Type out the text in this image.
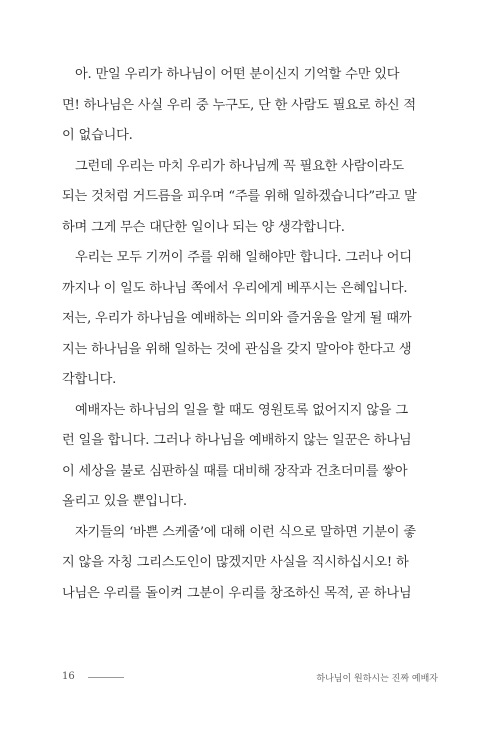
아. 만일 우리가 하나님이 어떤 분이신지 기억할 수만 있다
면! 하나님은 사실 우리 중 누구도, 단 한 사람도 필요로 하신 적
이 없습니다.
그런데 우리는 마치 우리가 하나님께 꼭 필요한 사람이라도
되는 것처럼 거드름을 피우며 “주를 위해 일하겠습니다”라고 말
하며 그게 무슨 대단한 일이나 되는 양 생각합니다.
우리는 모두 기꺼이 주를 위해 일해야만 합니다. 그러나 어디
까지나 이 일도 하나님 쪽에서 우리에게 베푸시는 은혜입니다.
저는, 우리가 하나님을 예배하는 의미와 즐거움을 알게 될 때까
지는 하나님을 위해 일하는 것에 관심을 갖지 말아야 한다고 생
각합니다.
예배자는 하나님의 일을 할 때도 영원토록 없어지지 않을 그
런 일을 합니다. 그러나 하나님을 예배하지 않는 일꾼은 하나님
이 세상을 불로 심판하실 때를 대비해 장작과 건초더미를 쌓아
올리고 있을 뿐입니다.
자기들의 ‘바쁜 스케줄’에 대해 이런 식으로 말하면 기분이 좋
지 않을 자칭 그리스도인이 많겠지만 사실을 직시하십시오! 하
나님은 우리를 돌이켜 그분이 우리를 창조하신 목적, 곧 하나님
16	하나님이 원하시는 진짜 예배자
